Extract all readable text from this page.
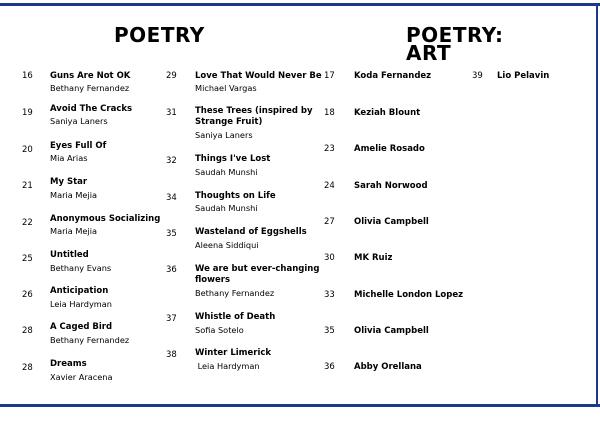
POETRY	POETRY:
ART
16 Guns Are Not OK
Bethany Fernandez
19 Avoid The Cracks
Saniya Laners
20 Eyes Full Of
Mia Arias
21 My Star
Maria Mejia
22 Anonymous Socializing
Maria Mejia
25 Untitled
Bethany Evans
26 Anticipation
Leia Hardyman
28 A Caged Bird
Bethany Fernandez
28 Dreams
Xavier Aracena
29 Love That Would Never Be
Michael Vargas
31 These Trees (inspired by
Strange Fruit)
Saniya Laners
32 Things I've Lost
Saudah Munshi
34 Thoughts on Life
Saudah Munshi
35 Wasteland of Eggshells
Aleena Siddiqui
36 We are but ever-changing
flowers
Bethany Fernandez
37 Whistle of Death
Sofia Sotelo
38 Winter Limerick
Leia Hardyman
17 Koda Fernandez
18 Keziah Blount
23 Amelie Rosado
24 Sarah Norwood
27 Olivia Campbell
30 MK Ruiz
33 Michelle London Lopez
35 Olivia Campbell
36 Abby Orellana
39 Lio Pelavin
